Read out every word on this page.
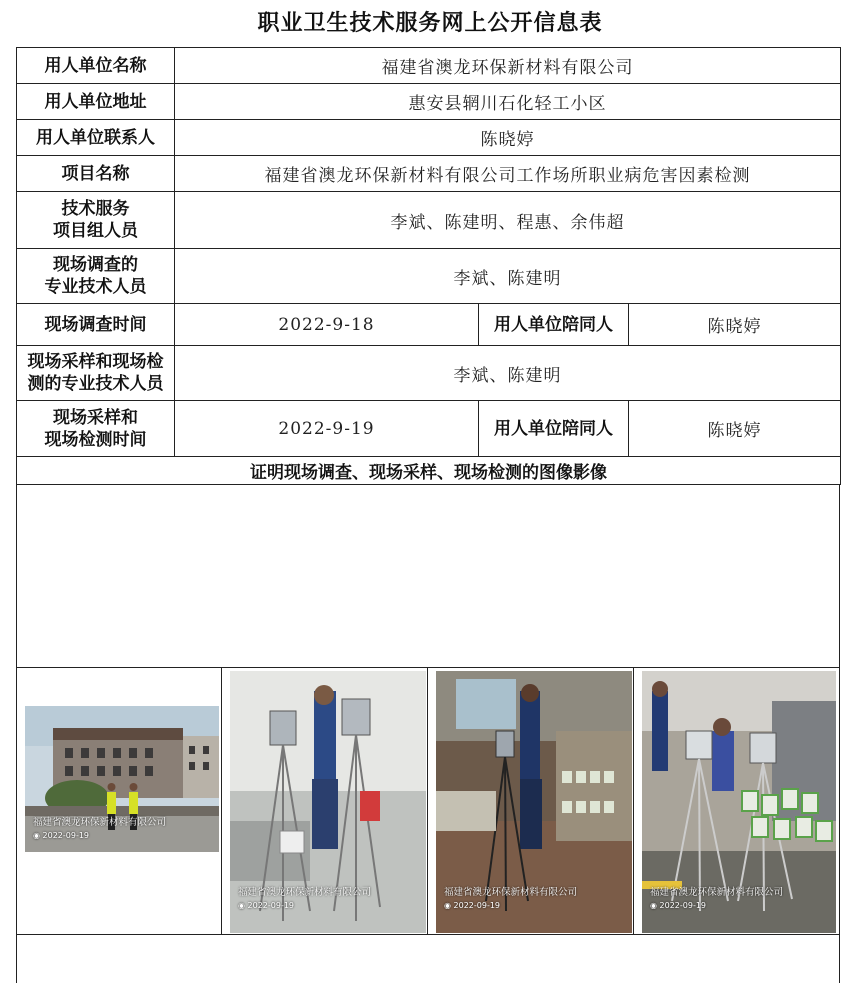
职业卫生技术服务网上公开信息表
用人单位名称	福建省澳龙环保新材料有限公司		
用人单位地址	惠安县辋川石化轻工小区		
用人单位联系人	陈晓婷		
项目名称	福建省澳龙环保新材料有限公司工作场所职业病危害因素检测		

技术服务
项目组人员	李斌、陈建明、程惠、余伟超		

现场调查的
专业技术人员	李斌、陈建明		
现场调查时间	2022-9-18	用人单位陪同人	陈晓婷

现场采样和现场检
测的专业技术人员	李斌、陈建明		

现场采样和
现场检测时间	2022-9-19	用人单位陪同人	陈晓婷
证明现场调查、现场采样、现场检测的图像影像			
福建省澳龙环保新材料有限公司
◉ 2022-09-19
福建省澳龙环保新材料有限公司
◉ 2022-09-19
福建省澳龙环保新材料有限公司
◉ 2022-09-19
福建省澳龙环保新材料有限公司
◉ 2022-09-19
